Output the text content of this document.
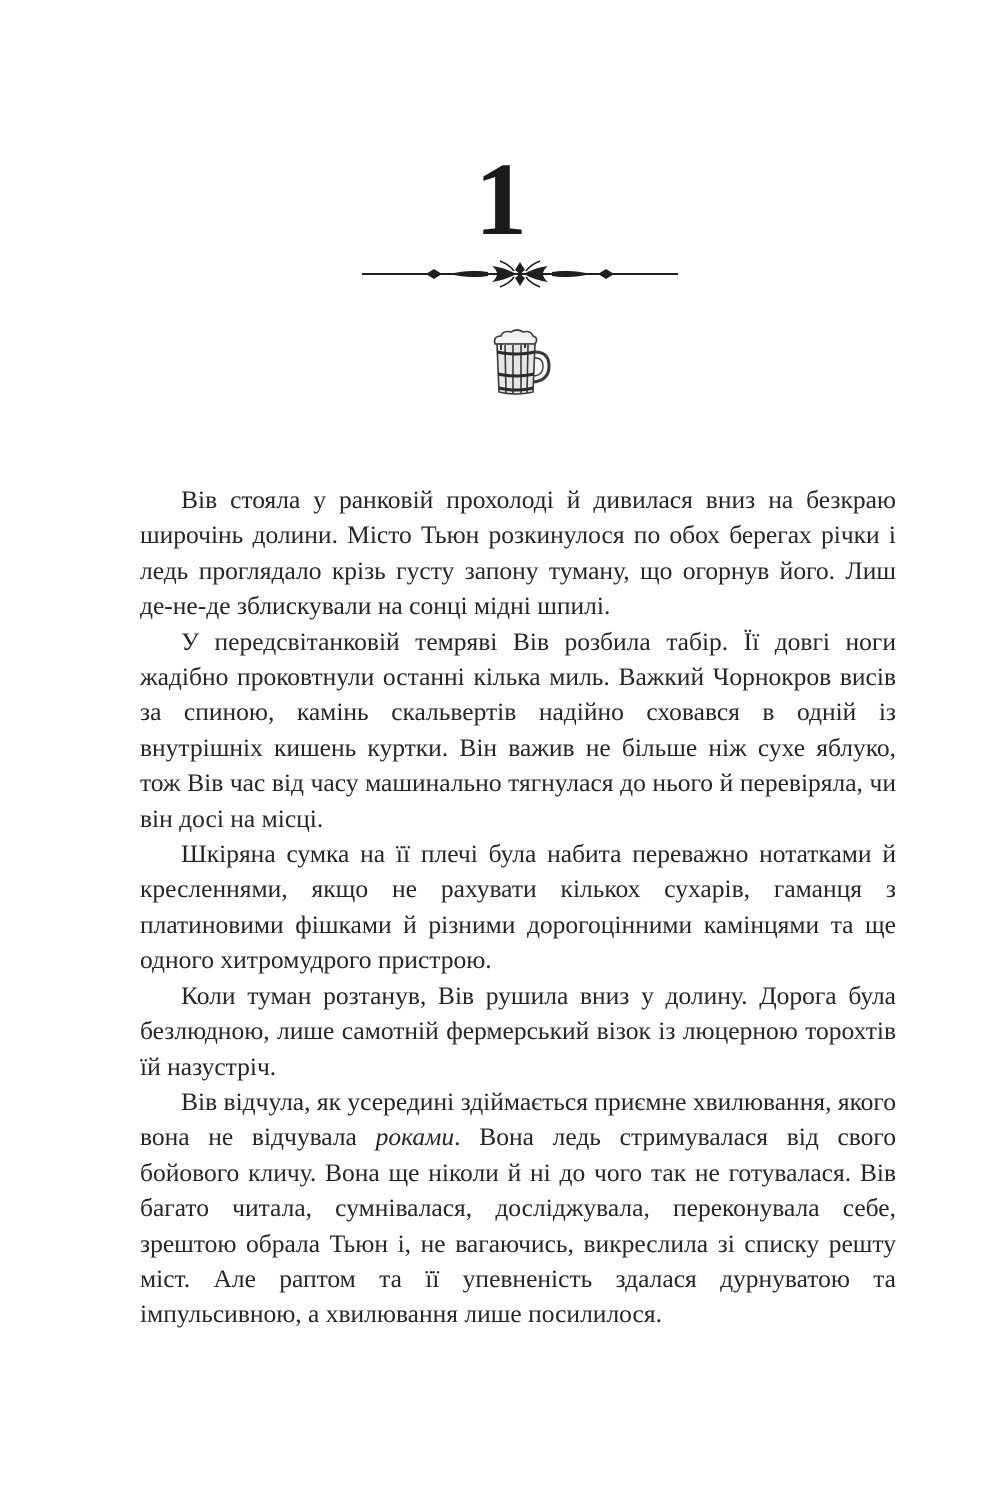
1

Вів стояла у ранковій прохолоді й дивилася вниз на безкраю широчінь долини. Місто Тьюн розкинулося по обох берегах річки і ледь проглядало крізь густу запону туману, що огорнув його. Лиш де-не-де зблискували на сонці мідні шпилі.

У передсвітанковій темряві Вів розбила табір. Її довгі ноги жадібно проковтнули останні кілька миль. Важкий Чорнокров висів за спиною, камінь скальвертів надійно сховався в одній із внутрішніх кишень куртки. Він важив не більше ніж сухе яблуко, тож Вів час від часу машинально тягнулася до нього й перевіряла, чи він досі на місці.

Шкіряна сумка на її плечі була набита переважно нотатками й кресленнями, якщо не рахувати кількох сухарів, гаманця з платиновими фішками й різними дорогоцінними камінцями та ще одного хитромудрого пристрою.

Коли туман розтанув, Вів рушила вниз у долину. Дорога була безлюдною, лише самотній фермерський візок із люцерною торохтів їй назустріч.

Вів відчула, як усередині здіймається приємне хвилювання, якого вона не відчувала роками. Вона ледь стримувалася від свого бойового кличу. Вона ще ніколи й ні до чого так не готувалася. Вів багато читала, сумнівалася, досліджувала, переконувала себе, зрештою обрала Тьюн і, не вагаючись, викреслила зі списку решту міст. Але раптом та її упевненість здалася дурнуватою та імпульсивною, а хвилювання лише посилилося.
